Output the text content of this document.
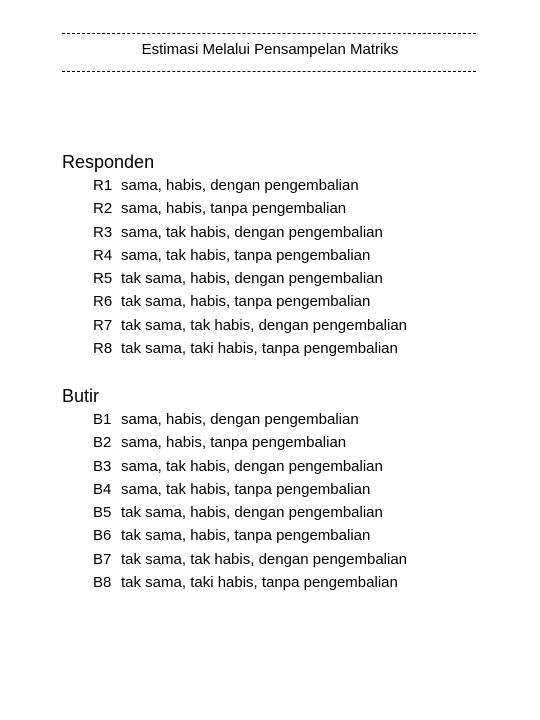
Estimasi Melalui Pensampelan Matriks
Responden
R1 sama, habis, dengan pengembalian
R2 sama, habis, tanpa pengembalian
R3 sama, tak habis, dengan pengembalian
R4 sama, tak habis, tanpa pengembalian
R5 tak sama, habis, dengan pengembalian
R6 tak sama, habis, tanpa pengembalian
R7 tak sama, tak habis, dengan pengembalian
R8 tak sama, taki habis, tanpa pengembalian
Butir
B1 sama, habis, dengan pengembalian
B2 sama, habis, tanpa pengembalian
B3 sama, tak habis, dengan pengembalian
B4 sama, tak habis, tanpa pengembalian
B5 tak sama, habis, dengan pengembalian
B6 tak sama, habis, tanpa pengembalian
B7 tak sama, tak habis, dengan pengembalian
B8 tak sama, taki habis, tanpa pengembalian
